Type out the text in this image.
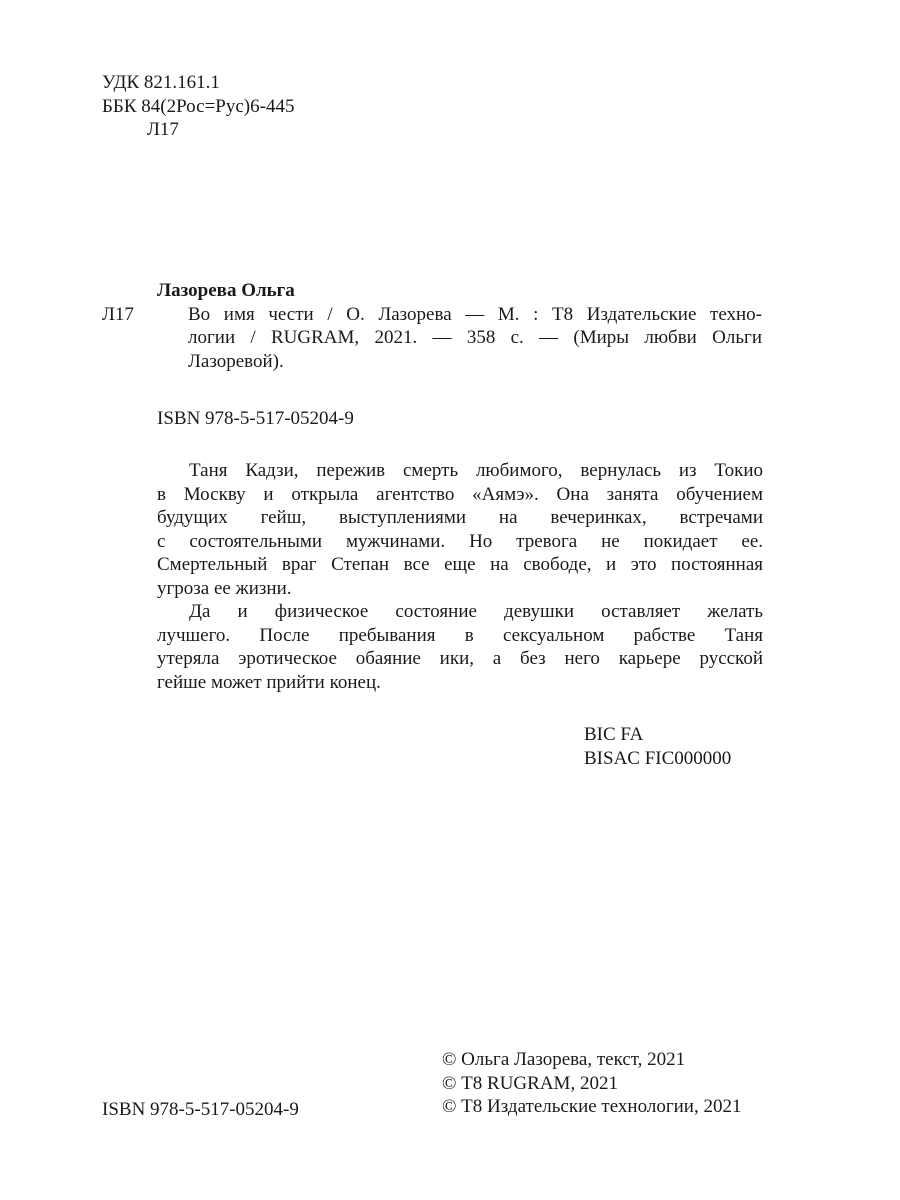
УДК 821.161.1
ББК 84(2Рос=Рус)6-445
Л17
Лазорева Ольга
Л17	Во имя чести / О. Лазорева — М. : Т8 Издательские техно-
логии / RUGRAM, 2021. — 358 с. — (Миры любви Ольги
Лазоревой).
ISBN 978-5-517-05204-9

Таня Кадзи, пережив смерть любимого, вернулась из Токио
в Москву и открыла агентство «Аямэ». Она занята обучением
будущих гейш, выступлениями на вечеринках, встречами
с состоятельными мужчинами. Но тревога не покидает ее.
Смертельный враг Степан все еще на свободе, и это постоянная
угроза ее жизни.

Да и физическое состояние девушки оставляет желать
лучшего. После пребывания в сексуальном рабстве Таня
утеряла эротическое обаяние ики, а без него карьере русской
гейше может прийти конец.

BIC FA
BISAC FIC000000
ISBN 978-5-517-05204-9
© Ольга Лазорева, текст, 2021
© Т8 RUGRAM, 2021
© Т8 Издательские технологии, 2021
